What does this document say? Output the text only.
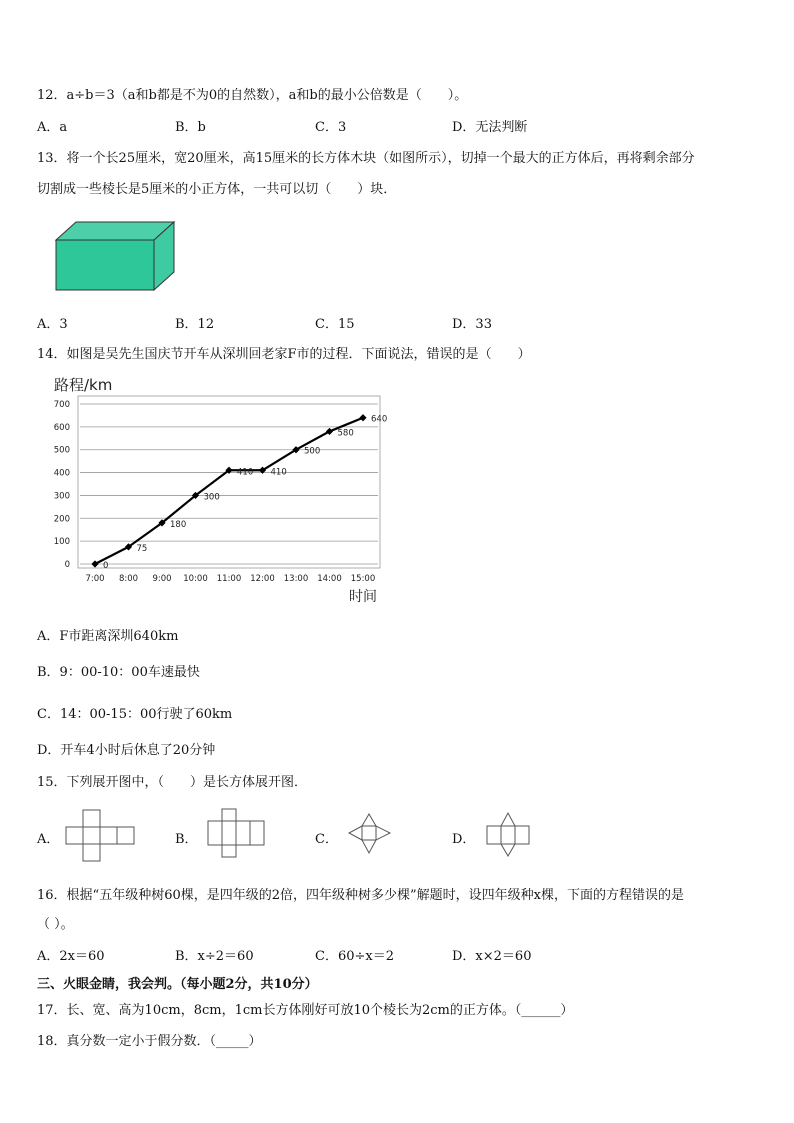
12．a÷b＝3（a和b都是不为0的自然数），a和b的最小公倍数是（　　）。
A．a	B．b	C．3	D．无法判断
13．将一个长25厘米，宽20厘米，高15厘米的长方体木块（如图所示），切掉一个最大的正方体后，再将剩余部分
切割成一些棱长是5厘米的小正方体，一共可以切（　　）块．
A．3	B．12	C．15	D．33
14．如图是吴先生国庆节开车从深圳回老家F市的过程．下面说法，错误的是（　　）
路程/km
时间
0
100
200
300
400
500
600
700
7:00 8:00 9:00 10:00 11:00 12:00 13:00 14:00 15:00
0
75
180
300
410 410
500
580
640
A．F市距离深圳640km
B．9：00-10：00车速最快
C．14：00-15：00行驶了60km
D．开车4小时后休息了20分钟
15．下列展开图中，（　　）是长方体展开图．
A．	B．	C．	D．
16．根据“五年级种树60棵，是四年级的2倍，四年级种树多少棵”解题时，设四年级种x棵，下面的方程错误的是
（ ）。
A．2x＝60	B．x÷2＝60	C．60÷x＝2	D．x×2＝60
三、火眼金睛，我会判。（每小题2分，共10分）
17．长、宽、高为10cm，8cm，1cm长方体刚好可放10个棱长为2cm的正方体。（______）
18．真分数一定小于假分数．（_____）
